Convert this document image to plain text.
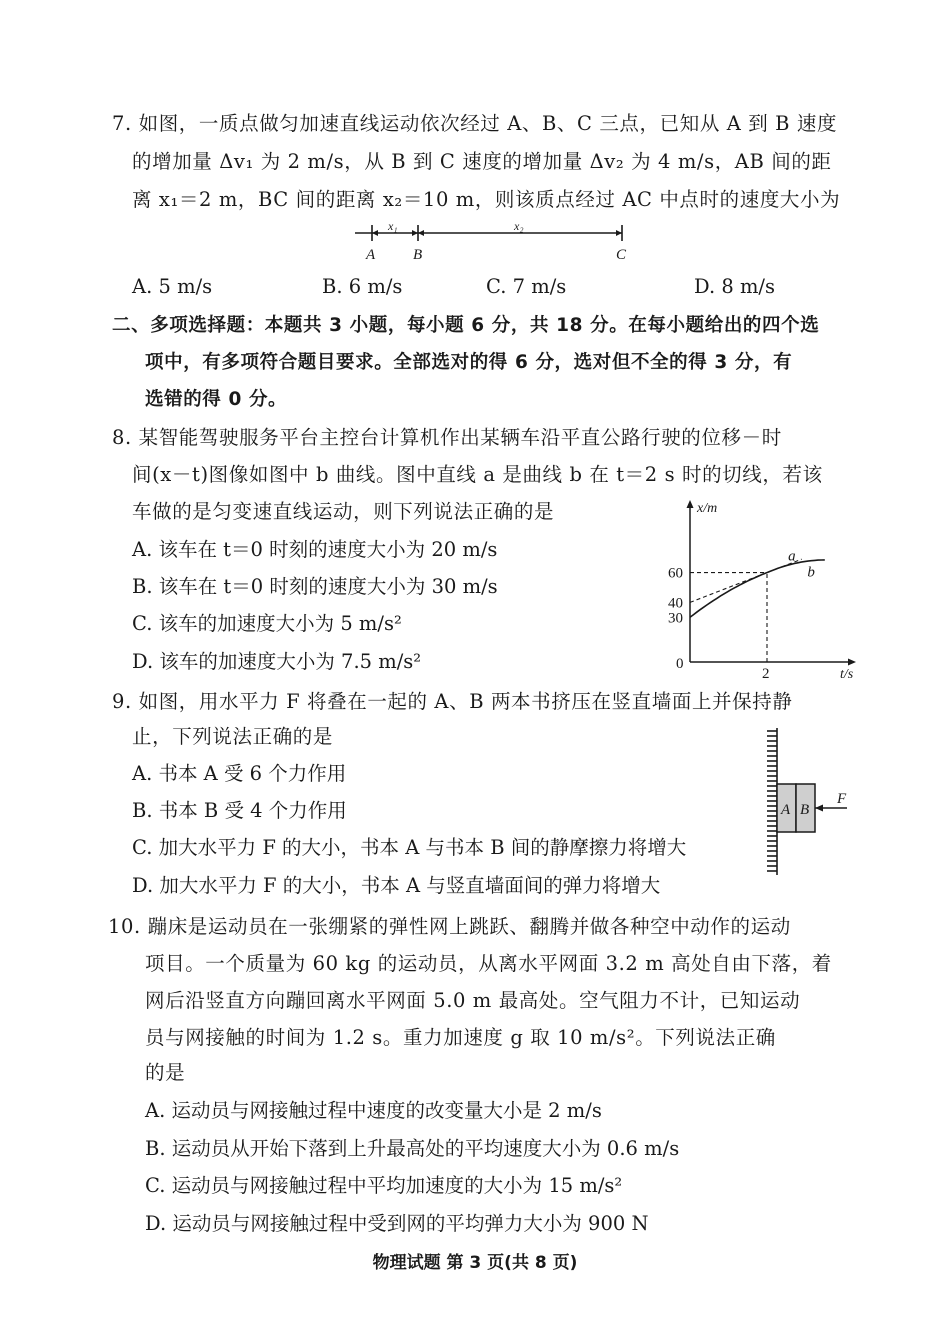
7. 如图，一质点做匀加速直线运动依次经过 A、B、C 三点，已知从 A 到 B 速度
的增加量 Δv₁ 为 2 m/s，从 B 到 C 速度的增加量 Δv₂ 为 4 m/s，AB 间的距
离 x₁＝2 m，BC 间的距离 x₂＝10 m，则该质点经过 AC 中点时的速度大小为
x₁	x₂
A	B	C
A. 5 m/s	B. 6 m/s	C. 7 m/s	D. 8 m/s
二、多项选择题：本题共 3 小题，每小题 6 分，共 18 分。在每小题给出的四个选
项中，有多项符合题目要求。全部选对的得 6 分，选对但不全的得 3 分，有
选错的得 0 分。
8. 某智能驾驶服务平台主控台计算机作出某辆车沿平直公路行驶的位移－时
间(x－t)图像如图中 b 曲线。图中直线 a 是曲线 b 在 t＝2 s 时的切线，若该
车做的是匀变速直线运动，则下列说法正确的是
A. 该车在 t＝0 时刻的速度大小为 20 m/s
B. 该车在 t＝0 时刻的速度大小为 30 m/s
C. 该车的加速度大小为 5 m/s²
D. 该车的加速度大小为 7.5 m/s²
x/m
t/s
0
30
40
60
2
b
a
9. 如图，用水平力 F 将叠在一起的 A、B 两本书挤压在竖直墙面上并保持静
止，下列说法正确的是
A. 书本 A 受 6 个力作用
B. 书本 B 受 4 个力作用
C. 加大水平力 F 的大小，书本 A 与书本 B 间的静摩擦力将增大
D. 加大水平力 F 的大小，书本 A 与竖直墙面间的弹力将增大
A B
F
10. 蹦床是运动员在一张绷紧的弹性网上跳跃、翻腾并做各种空中动作的运动
项目。一个质量为 60 kg 的运动员，从离水平网面 3.2 m 高处自由下落，着
网后沿竖直方向蹦回离水平网面 5.0 m 最高处。空气阻力不计，已知运动
员与网接触的时间为 1.2 s。重力加速度 g 取 10 m/s²。下列说法正确
的是
A. 运动员与网接触过程中速度的改变量大小是 2 m/s
B. 运动员从开始下落到上升最高处的平均速度大小为 0.6 m/s
C. 运动员与网接触过程中平均加速度的大小为 15 m/s²
D. 运动员与网接触过程中受到网的平均弹力大小为 900 N
物理试题 第 3 页(共 8 页)
